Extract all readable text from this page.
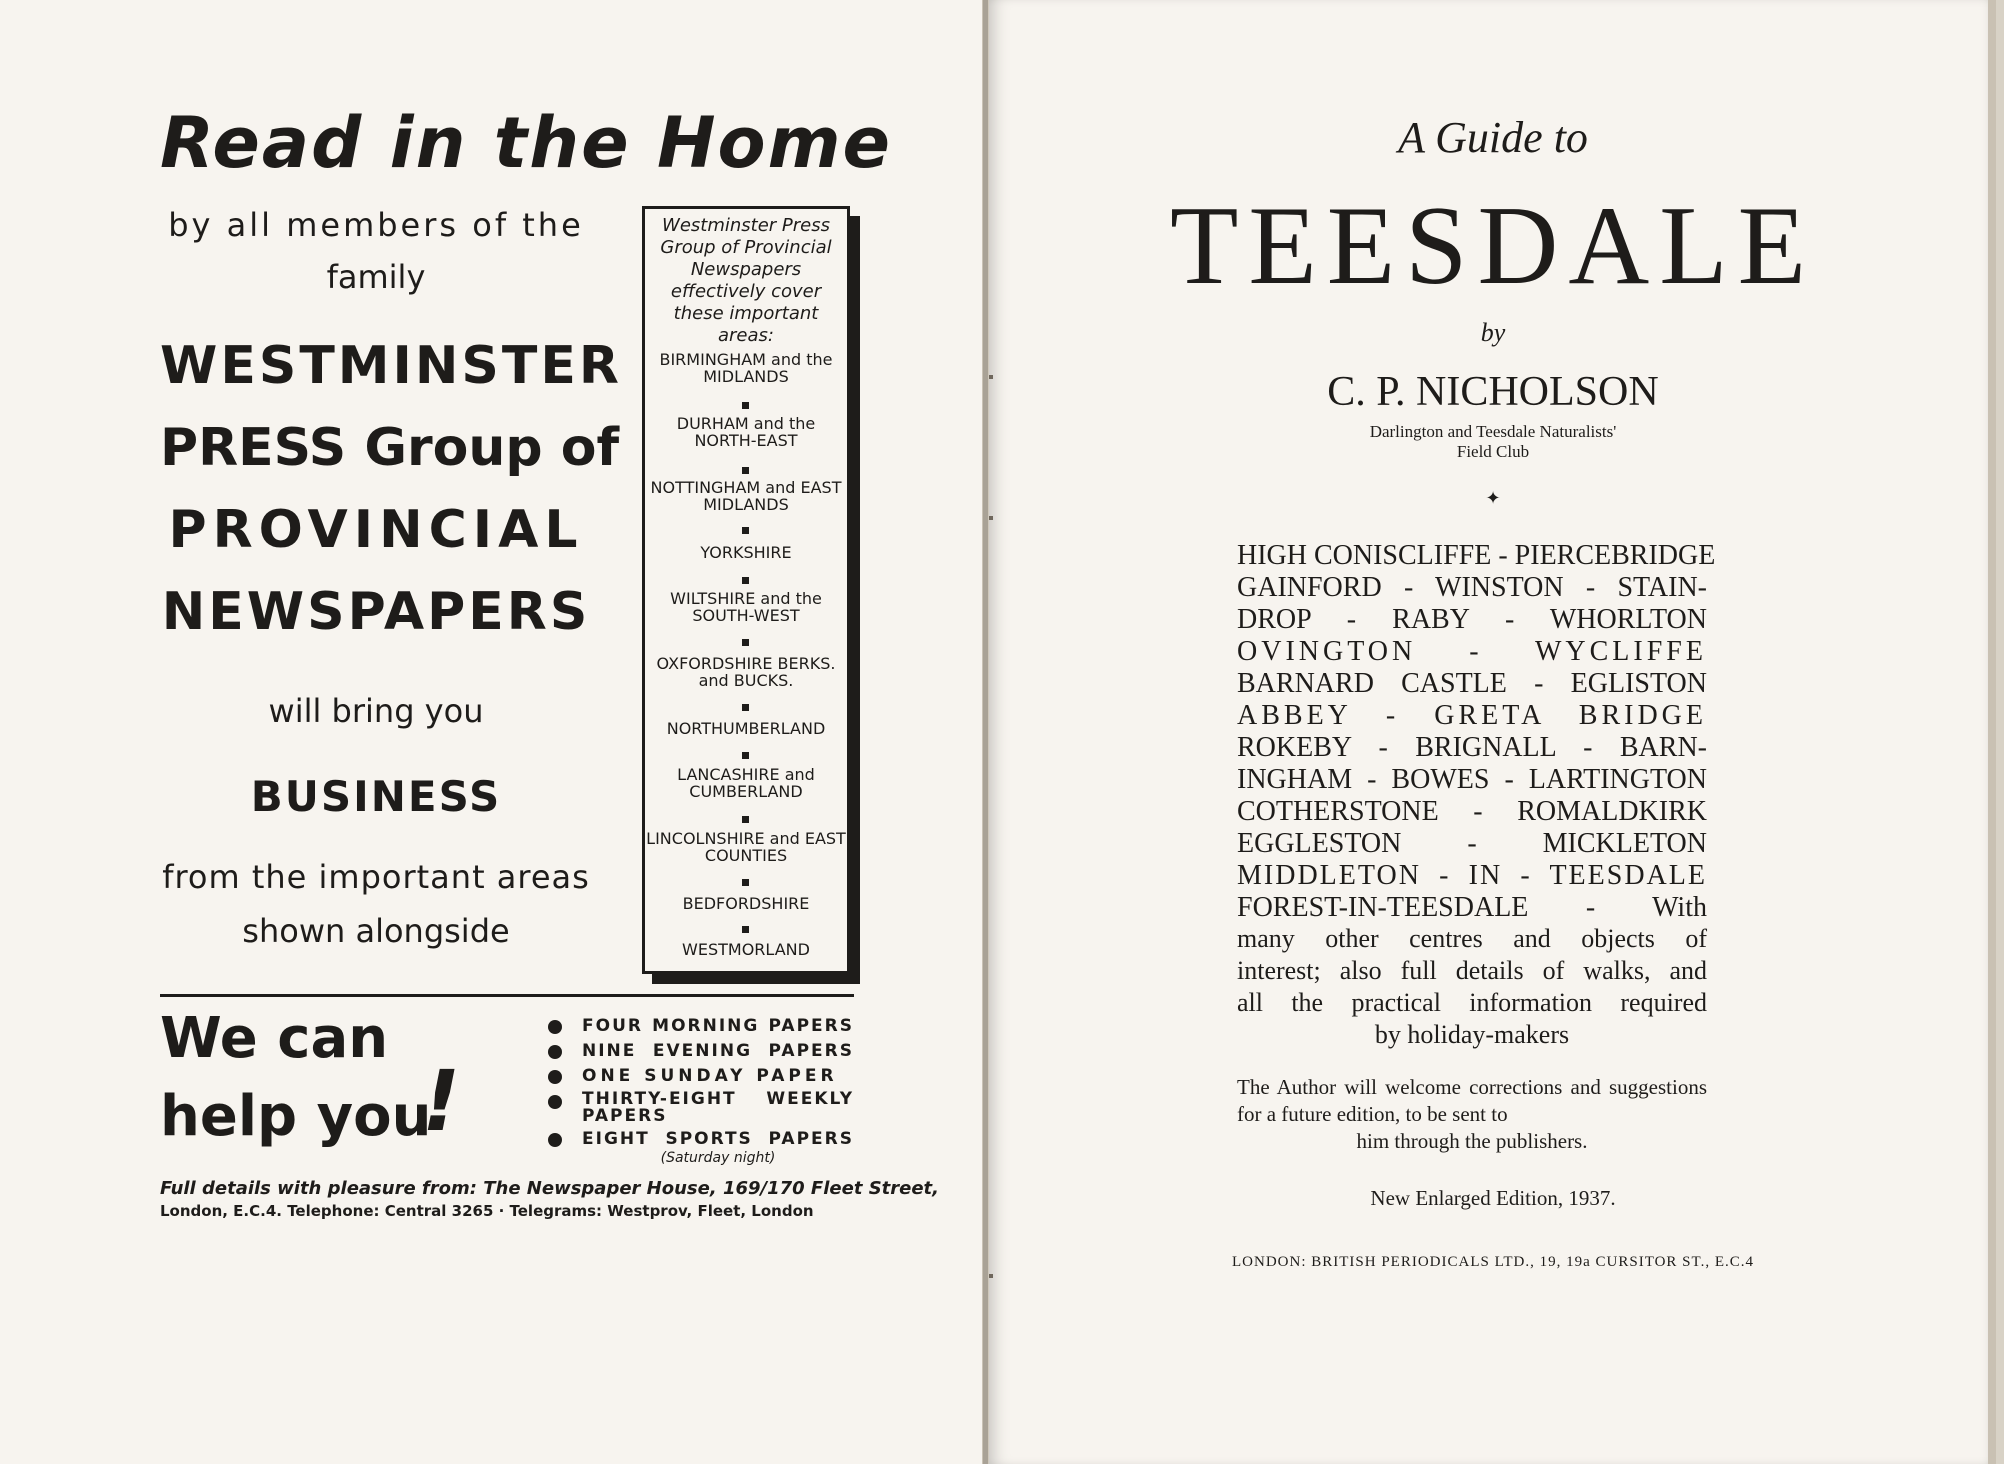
Read in the Home
by all members of the
family
WESTMINSTER
PRESS Group of
PROVINCIAL
NEWSPAPERS
will bring you
BUSINESS
from the important areas
shown alongside
Westminster Press Group of Provincial Newspapers effectively cover these important areas:
BIRMINGHAM and the MIDLANDS
DURHAM and the NORTH-EAST
NOTTINGHAM and EAST MIDLANDS
YORKSHIRE
WILTSHIRE and the SOUTH-WEST
OXFORDSHIRE BERKS. and BUCKS.
NORTHUMBERLAND
LANCASHIRE and CUMBERLAND
LINCOLNSHIRE and EAST COUNTIES
BEDFORDSHIRE
WESTMORLAND
We can
help you
!
FOUR MORNING PAPERS
NINE EVENING PAPERS
ONE SUNDAY PAPER
THIRTY-EIGHT WEEKLY PAPERS
EIGHT SPORTS PAPERS
(Saturday night)
Full details with pleasure from: The Newspaper House, 169/170 Fleet Street,
London, E.C.4. Telephone: Central 3265 · Telegrams: Westprov, Fleet, London
A Guide to
TEESDALE
by
C. P. NICHOLSON
Darlington and Teesdale Naturalists'
Field Club
✦
HIGH CONISCLIFFE - PIERCEBRIDGE
GAINFORD - WINSTON - STAIN-
DROP - RABY - WHORLTON
OVINGTON - WYCLIFFE
BARNARD CASTLE - EGLISTON
ABBEY - GRETA BRIDGE
ROKEBY - BRIGNALL - BARN-
INGHAM - BOWES - LARTINGTON
COTHERSTONE - ROMALDKIRK
EGGLESTON - MICKLETON
MIDDLETON - IN - TEESDALE
FOREST-IN-TEESDALE - With
many other centres and objects of
interest; also full details of walks, and
all the practical information required
by holiday-makers
The Author will welcome corrections and suggestions for a future edition, to be sent to
him through the publishers.
New Enlarged Edition, 1937.
LONDON: BRITISH PERIODICALS LTD., 19, 19a CURSITOR ST., E.C.4
